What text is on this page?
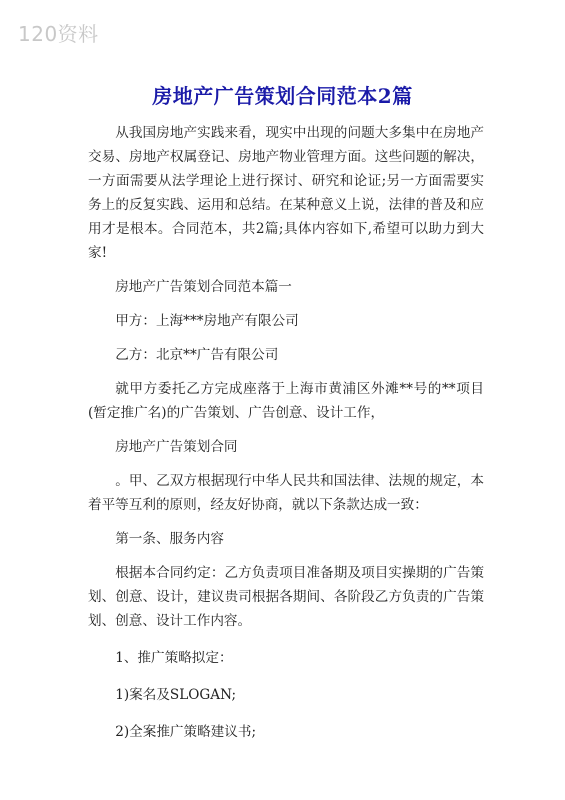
120资料
房地产广告策划合同范本2篇

从我国房地产实践来看，现实中出现的问题大多集中在房地产交易、房地产权属登记、房地产物业管理方面。这些问题的解决，一方面需要从法学理论上进行探讨、研究和论证;另一方面需要实务上的反复实践、运用和总结。在某种意义上说，法律的普及和应用才是根本。合同范本，共2篇;具体内容如下,希望可以助力到大家!

房地产广告策划合同范本篇一

甲方：上海***房地产有限公司

乙方：北京**广告有限公司

就甲方委托乙方完成座落于上海市黄浦区外滩**号的**项目(暂定推广名)的广告策划、广告创意、设计工作，

房地产广告策划合同

。甲、乙双方根据现行中华人民共和国法律、法规的规定，本着平等互利的原则，经友好协商，就以下条款达成一致：

第一条、服务内容

根据本合同约定：乙方负责项目准备期及项目实操期的广告策划、创意、设计，建议贵司根据各期间、各阶段乙方负责的广告策划、创意、设计工作内容。

1、推广策略拟定：

1)案名及SLOGAN;

2)全案推广策略建议书;
